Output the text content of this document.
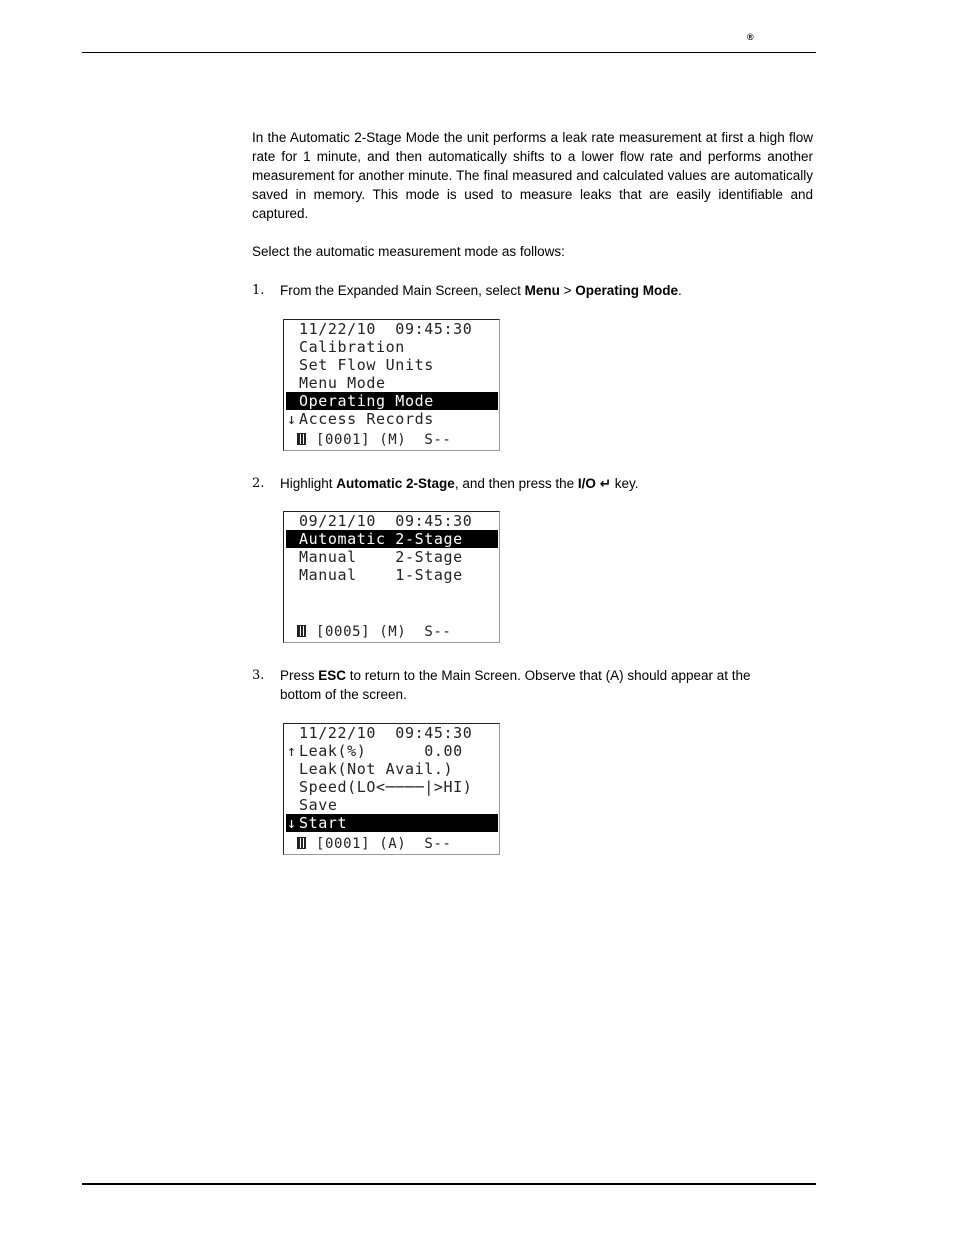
®

In the Automatic 2-Stage Mode the unit performs a leak rate measurement at first a high flow rate for 1 minute, and then automatically shifts to a lower flow rate and performs another measurement for another minute. The final measured and calculated values are automatically saved in memory. This mode is used to measure leaks that are easily identifiable and captured.

Select the automatic measurement mode as follows:

1. From the Expanded Main Screen, select Menu > Operating Mode.
11/22/10  09:45:30
Calibration
Set Flow Units
Menu Mode
Operating Mode
↓ Access Records
[0001] (M)  S--
2. Highlight Automatic 2-Stage, and then press the I/O ↵ key.
09/21/10  09:45:30
Automatic 2-Stage
Manual    2-Stage
Manual    1-Stage
[0005] (M)  S--
3. Press ESC to return to the Main Screen. Observe that (A) should appear at the bottom of the screen.
11/22/10  09:45:30
↑ Leak(%)      0.00
Leak(Not Avail.)
Speed(LO<────|>HI)
Save
↓ Start
[0001] (A)  S--
